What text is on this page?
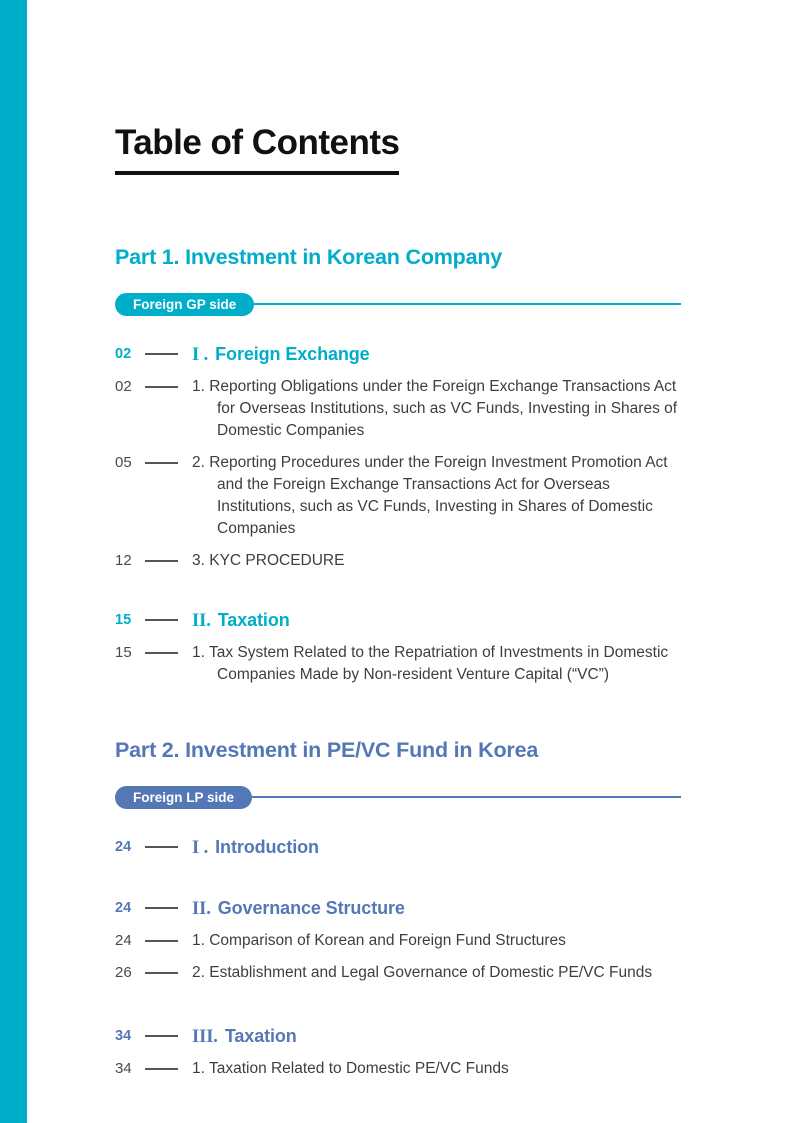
Table of Contents
Part 1. Investment in Korean Company
Foreign GP side
02	I . Foreign Exchange
02	1. Reporting Obligations under the Foreign Exchange Transactions Act for Overseas Institutions, such as VC Funds, Investing in Shares of Domestic Companies
05	2. Reporting Procedures under the Foreign Investment Promotion Act and the Foreign Exchange Transactions Act for Overseas Institutions, such as VC Funds, Investing in Shares of Domestic Companies
12	3. KYC PROCEDURE
15	II. Taxation
15	1. Tax System Related to the Repatriation of Investments in Domestic Companies Made by Non-resident Venture Capital (“VC”)
Part 2. Investment in PE/VC Fund in Korea
Foreign LP side
24	I . Introduction
24	II. Governance Structure
24	1. Comparison of Korean and Foreign Fund Structures
26	2. Establishment and Legal Governance of Domestic PE/VC Funds
34	III. Taxation
34	1. Taxation Related to Domestic PE/VC Funds
